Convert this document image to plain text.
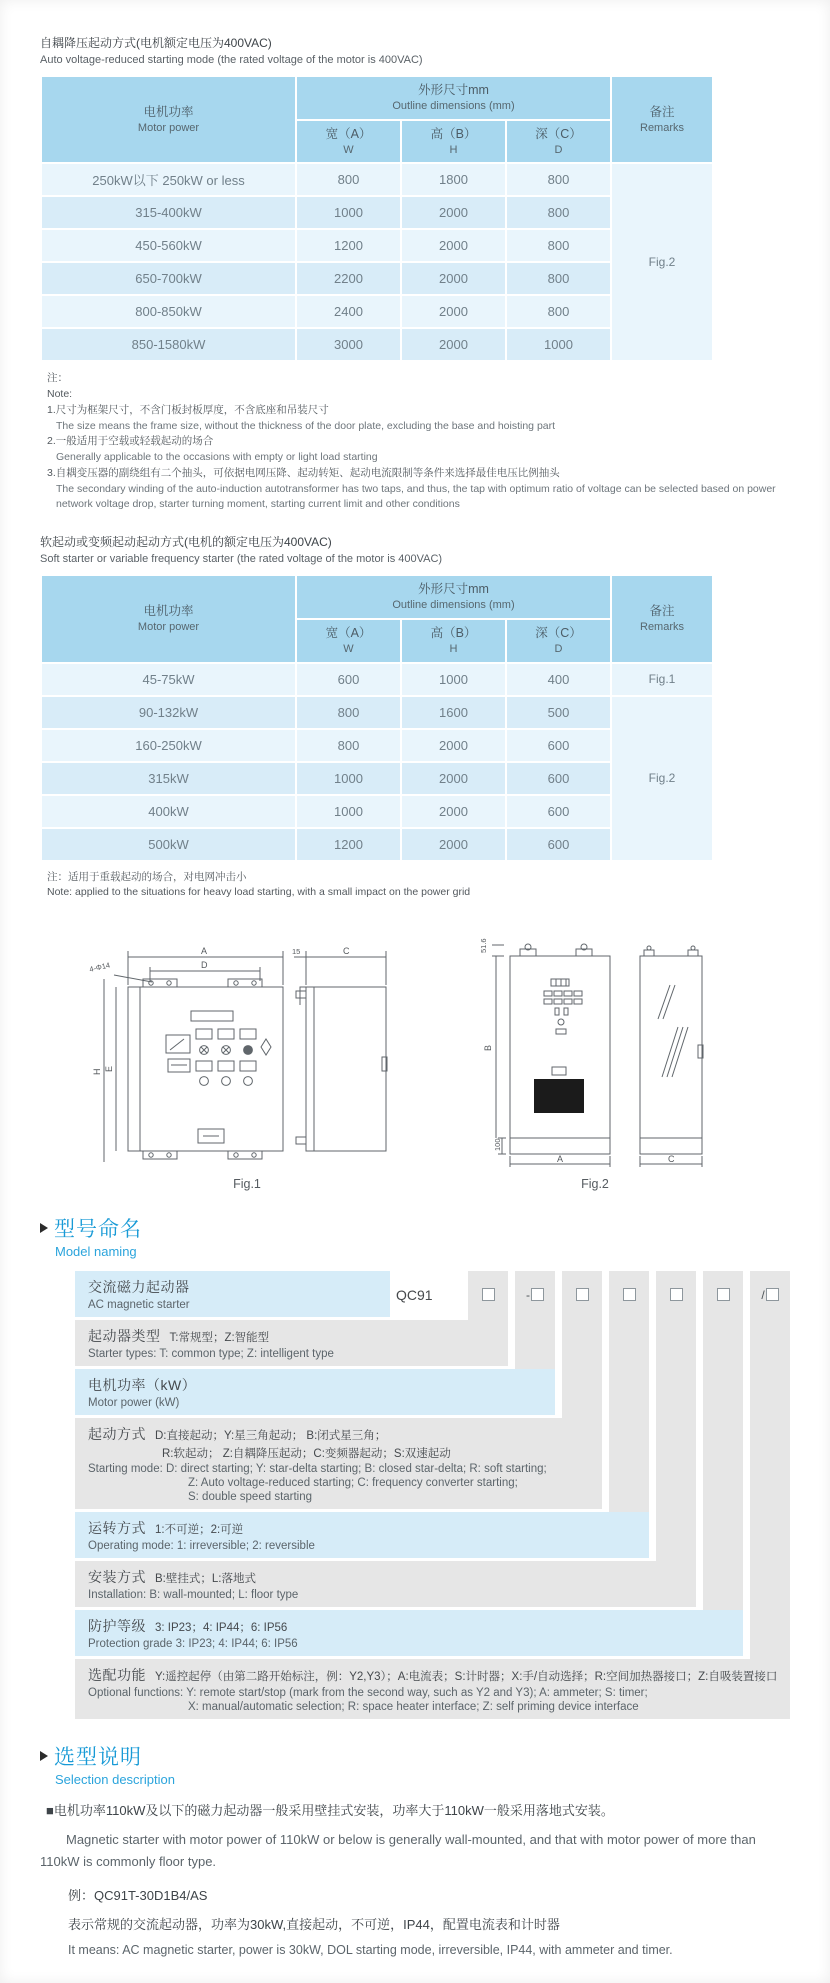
自耦降压起动方式(电机额定电压为400VAC)
Auto voltage-reduced starting mode (the rated voltage of the motor is 400VAC)
电机功率
Motor power

外形尺寸mm
Outline dimensions (mm)	备注
Remarks

宽（A）
W

高（B）
H

深（C）
D

250kW以下 250kW or less	800	1800	800	Fig.2
315-400kW	1000	2000	800	
450-560kW	1200	2000	800	
650-700kW	2200	2000	800	
800-850kW	2400	2000	800	
850-1580kW	3000	2000	1000	
注：
Note:
1.尺寸为框架尺寸，不含门板封板厚度，不含底座和吊装尺寸
The size means the frame size, without the thickness of the door plate, excluding the base and hoisting part
2.一般适用于空载或轻载起动的场合
Generally applicable to the occasions with empty or light load starting
3.自耦变压器的副绕组有二个抽头，可依据电网压降、起动转矩、起动电流限制等条件来选择最佳电压比例抽头
The secondary winding of the auto-induction autotransformer has two taps, and thus, the tap with optimum ratio of voltage can be selected based on power network voltage drop, starter turning moment, starting current limit and other conditions
软起动或变频起动起动方式(电机的额定电压为400VAC)
Soft starter or variable frequency starter (the rated voltage of the motor is 400VAC)
电机功率
Motor power

外形尺寸mm
Outline dimensions (mm)	备注
Remarks

宽（A）
W

高（B）
H

深（C）
D

45-75kW	600	1000	400	Fig.1
90-132kW	800	1600	500	Fig.2
160-250kW	800	2000	600	
315kW	1000	2000	600	
400kW	1000	2000	600	
500kW	1200	2000	600	
注：适用于重载起动的场合，对电网冲击小
Note: applied to the situations for heavy load starting, with a small impact on the power grid
A
D
4-Φ14
E
H
15	C
Fig.1
51.6
B
100
A	C
Fig.2
型号命名
Model naming
QC91	-	/
交流磁力起动器
AC magnetic starter
起动器类型 T:常规型；Z:智能型
Starter types: T: common type; Z: intelligent type
电机功率（kW）
Motor power (kW)
起动方式 D:直接起动；Y:星三角起动； B:闭式星三角；
R:软起动； Z:自耦降压起动；C:变频器起动；S:双速起动
Starting mode: D: direct starting; Y: star-delta starting; B: closed star-delta; R: soft starting;
Z: Auto voltage-reduced starting; C: frequency converter starting;
S: double speed starting
运转方式 1:不可逆；2:可逆
Operating mode: 1: irreversible; 2: reversible
安装方式 B:壁挂式；L:落地式
Installation: B: wall-mounted; L: floor type
防护等级 3: IP23；4: IP44；6: IP56
Protection grade 3: IP23; 4: IP44; 6: IP56
选配功能 Y:遥控起停（由第二路开始标注，例：Y2,Y3）；A:电流表；S:计时器；X:手/自动选择；R:空间加热器接口；Z:自吸装置接口
Optional functions: Y: remote start/stop (mark from the second way, such as Y2 and Y3); A: ammeter; S: timer;
X: manual/automatic selection; R: space heater interface; Z: self priming device interface
选型说明
Selection description
■电机功率110kW及以下的磁力起动器一般采用壁挂式安装，功率大于110kW一般采用落地式安装。
Magnetic starter with motor power of 110kW or below is generally wall-mounted, and that with motor power of more than 110kW is commonly floor type.
例：QC91T-30D1B4/AS
表示常规的交流起动器，功率为30kW,直接起动，不可逆，IP44，配置电流表和计时器
It means: AC magnetic starter, power is 30kW, DOL starting mode, irreversible, IP44, with ammeter and timer.
